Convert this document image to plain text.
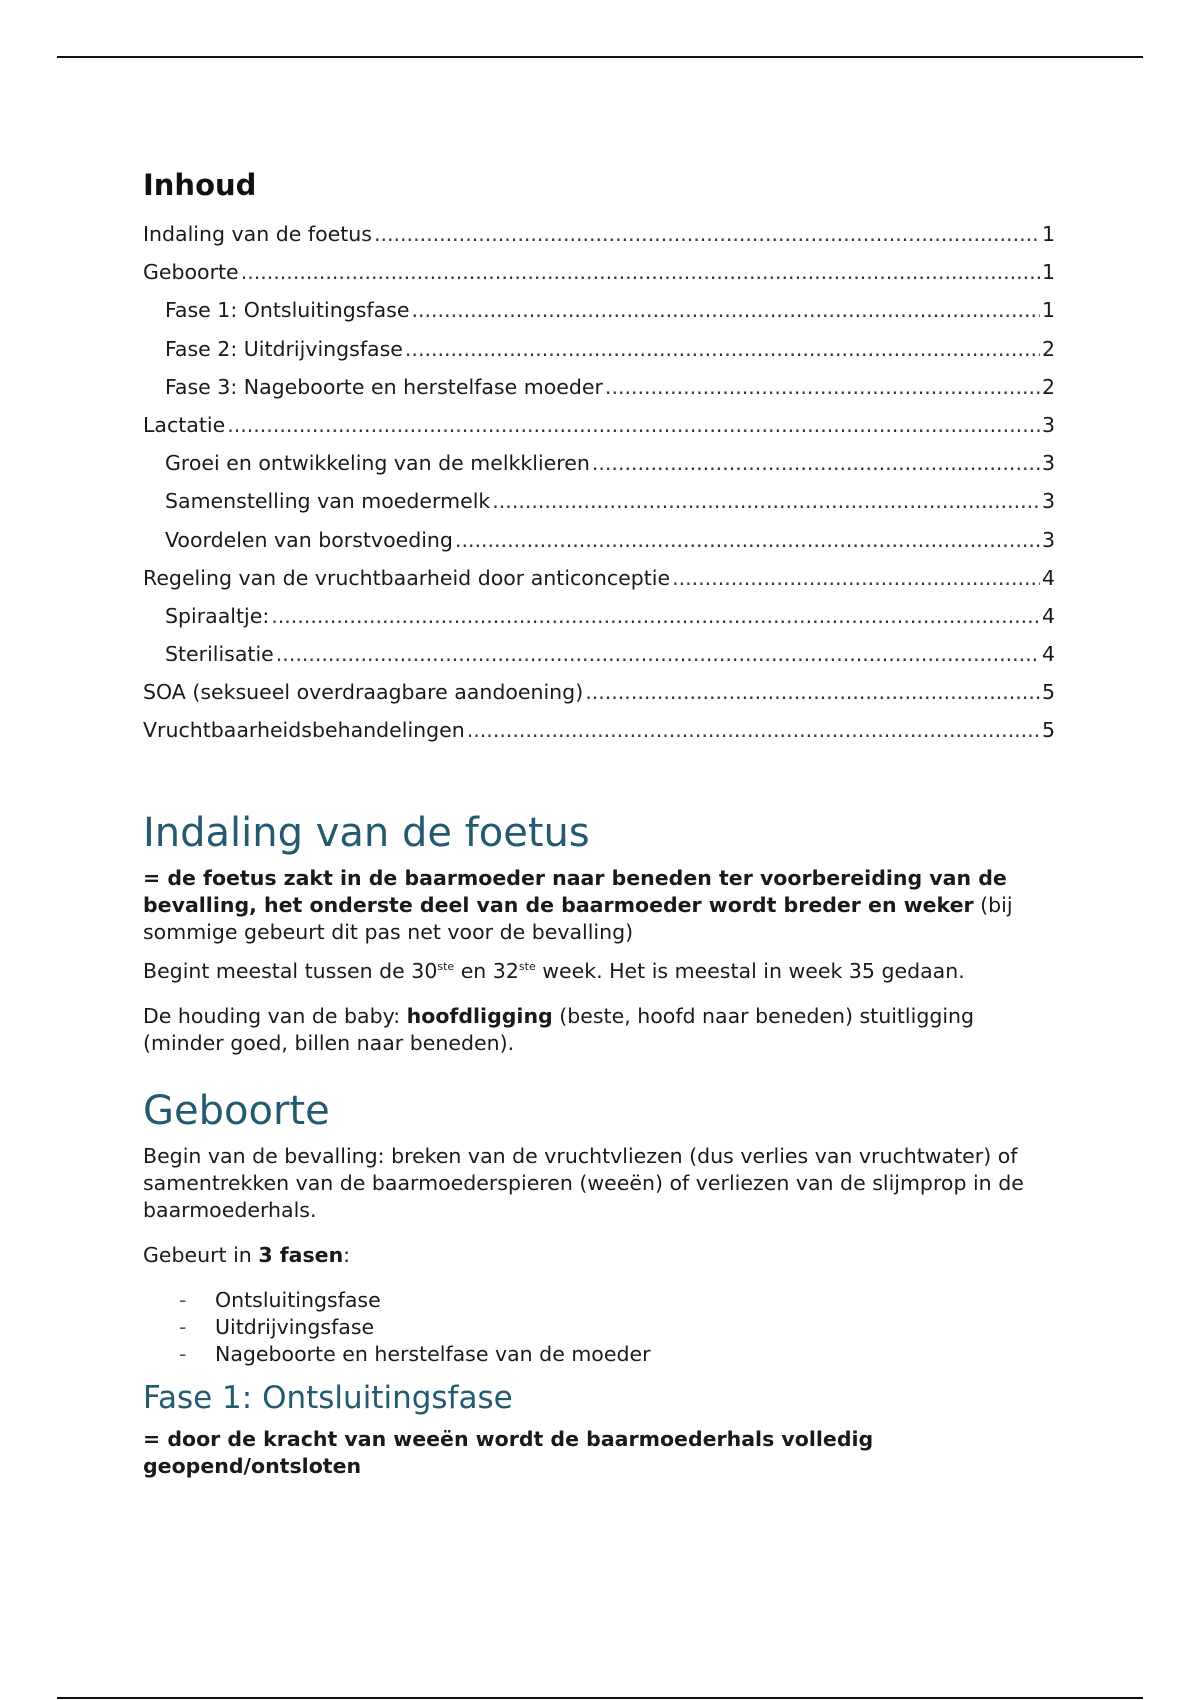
Inhoud
Indaling van de foetus .....	1
Geboorte .....	1
Fase 1: Ontsluitingsfase .....	1
Fase 2: Uitdrijvingsfase .....	2
Fase 3: Nageboorte en herstelfase moeder .....	2
Lactatie .....	3
Groei en ontwikkeling van de melkklieren .....	3
Samenstelling van moedermelk .....	3
Voordelen van borstvoeding .....	3
Regeling van de vruchtbaarheid door anticonceptie .....	4
Spiraaltje: .....	4
Sterilisatie .....	4
SOA (seksueel overdraagbare aandoening) .....	5
Vruchtbaarheidsbehandelingen .....	5
Indaling van de foetus

= de foetus zakt in de baarmoeder naar beneden ter voorbereiding van de bevalling, het onderste deel van de baarmoeder wordt breder en weker (bij sommige gebeurt dit pas net voor de bevalling)

Begint meestal tussen de 30ste en 32ste week. Het is meestal in week 35 gedaan.

De houding van de baby: hoofdligging (beste, hoofd naar beneden) stuitligging (minder goed, billen naar beneden).

Geboorte

Begin van de bevalling: breken van de vruchtvliezen (dus verlies van vruchtwater) of samentrekken van de baarmoederspieren (weeën) of verliezen van de slijmprop in de baarmoederhals.

Gebeurt in 3 fasen:

- Ontsluitingsfase
- Uitdrijvingsfase
- Nageboorte en herstelfase van de moeder
Fase 1: Ontsluitingsfase

= door de kracht van weeën wordt de baarmoederhals volledig geopend/ontsloten
